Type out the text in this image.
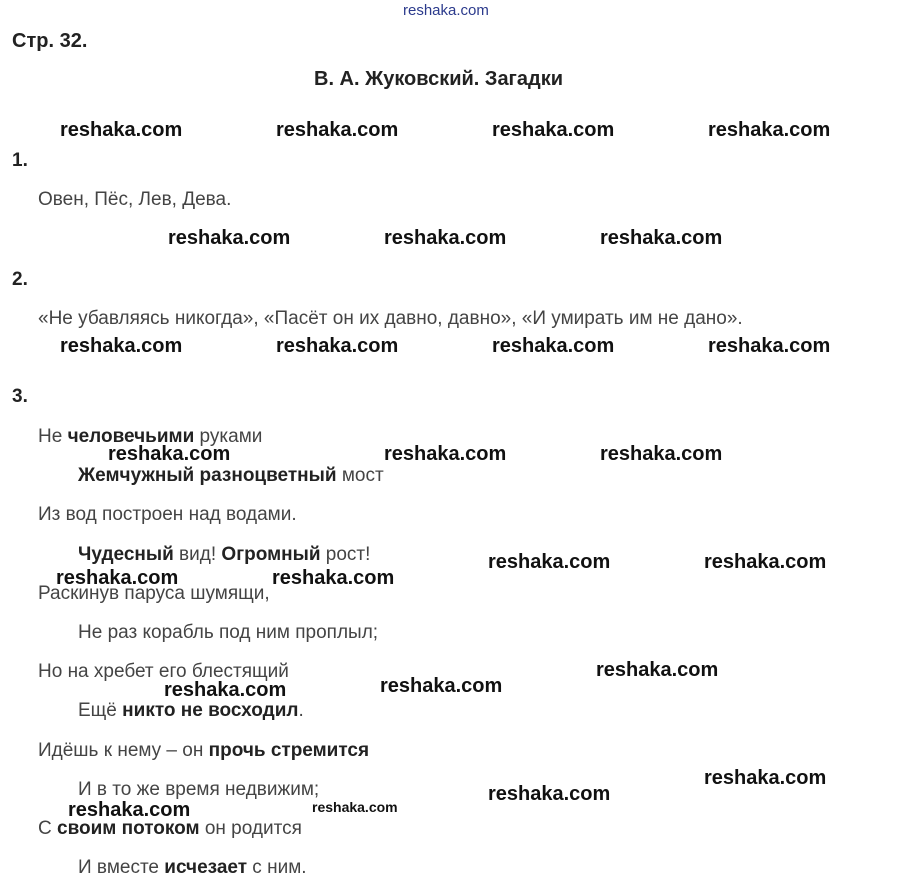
reshaka.com
Стр. 32.
В. А. Жуковский. Загадки
1.
Овен, Пёс, Лев, Дева.
2.
«Не убавляясь никогда», «Пасёт он их давно, давно», «И умирать им не дано».
3.
Не человечьими руками
Жемчужный разноцветный мост
Из вод построен над водами.
Чудесный вид! Огромный рост!
Раскинув паруса шумящи,
Не раз корабль под ним проплыл;
Но на хребет его блестящий
Ещё никто не восходил.
Идёшь к нему – он прочь стремится
И в то же время недвижим;
С своим потоком он родится
И вместе исчезает с ним.
reshaka.com	reshaka.com	reshaka.com	reshaka.com
reshaka.com	reshaka.com	reshaka.com
reshaka.com	reshaka.com	reshaka.com	reshaka.com
reshaka.com	reshaka.com	reshaka.com
reshaka.com	reshaka.com
reshaka.com	reshaka.com
reshaka.com
reshaka.com
reshaka.com
reshaka.com
reshaka.com
reshaka.com	reshaka.com
